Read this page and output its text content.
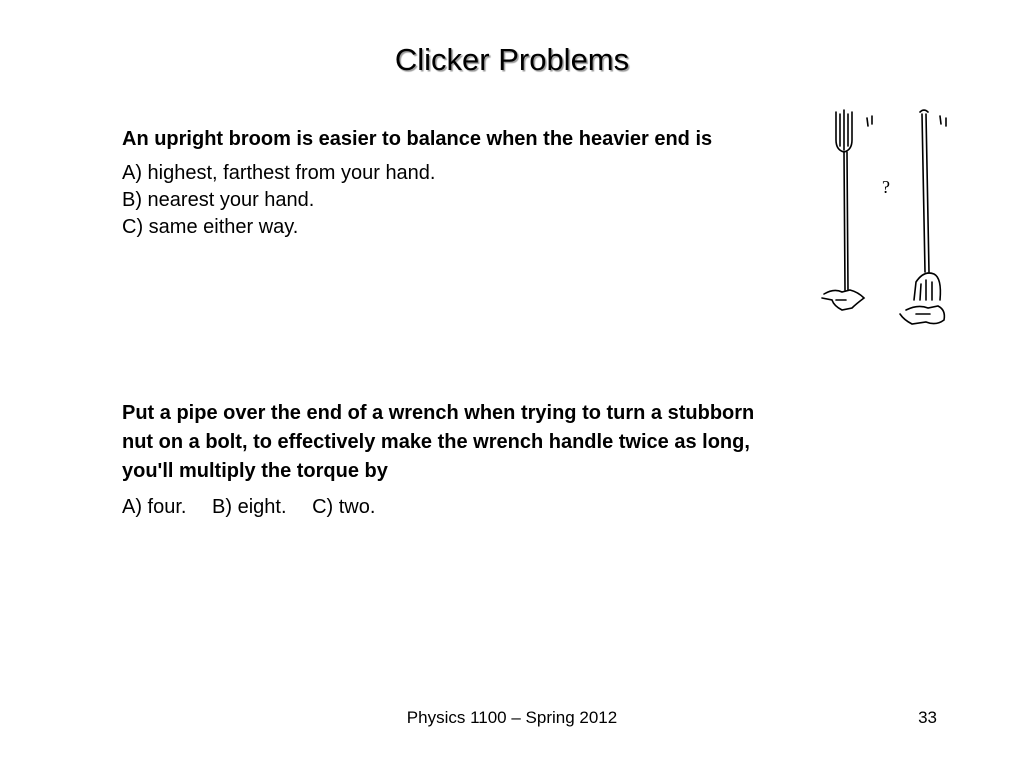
Clicker Problems

An upright broom is easier to balance when the heavier end is

A) highest, farthest from your hand.
B) nearest your hand.
C) same either way.
?

Put a pipe over the end of a wrench when trying to turn a stubborn nut on a bolt, to effectively make the wrench handle twice as long, you'll multiply the torque by

A) four. B) eight. C) two.
Physics 1100 – Spring 2012	33
